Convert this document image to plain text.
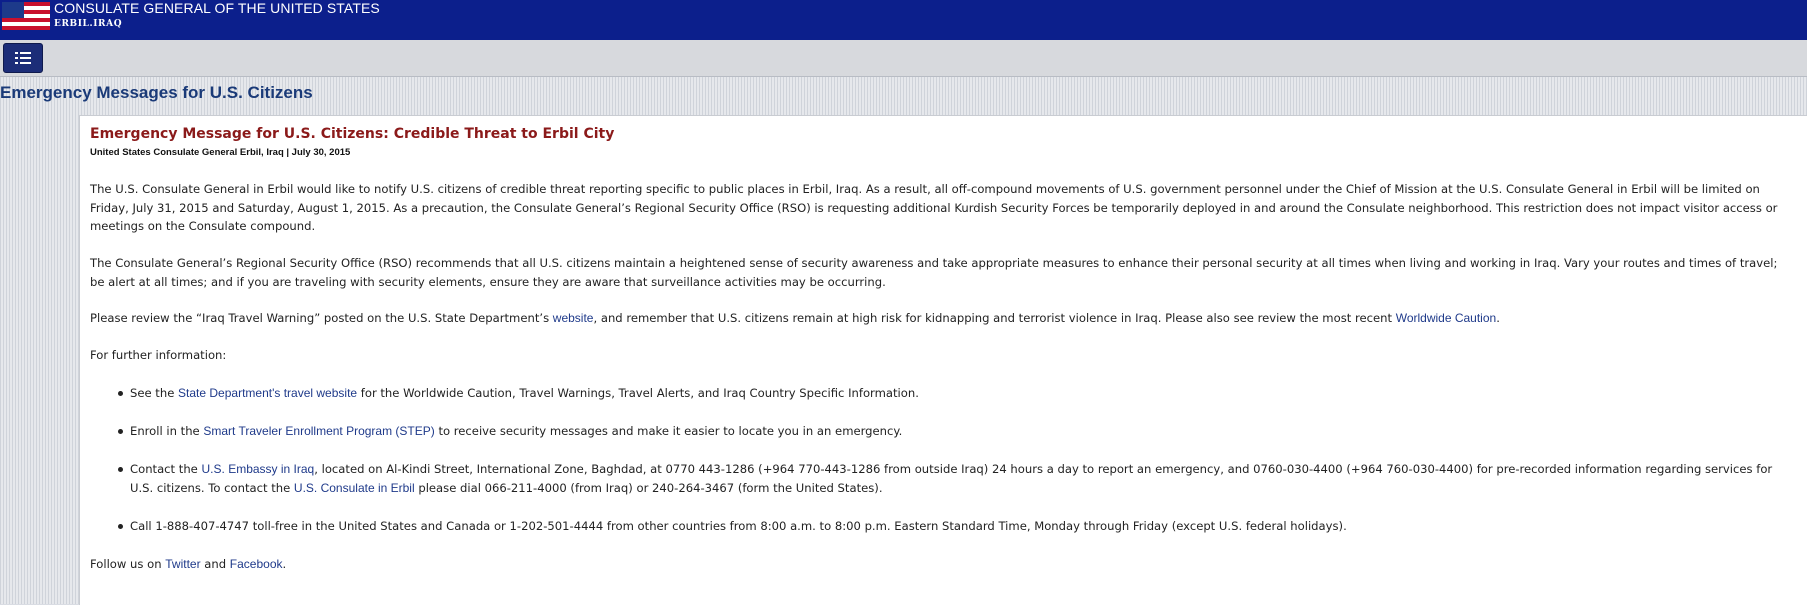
CONSULATE GENERAL OF THE UNITED STATES
ERBIL.IRAQ
Emergency Messages for U.S. Citizens
Emergency Message for U.S. Citizens: Credible Threat to Erbil City
United States Consulate General Erbil, Iraq | July 30, 2015

The U.S. Consulate General in Erbil would like to notify U.S. citizens of credible threat reporting specific to public places in Erbil, Iraq. As a result, all off-compound movements of U.S. government personnel under the Chief of Mission at the U.S. Consulate General in Erbil will be limited on Friday, July 31, 2015 and Saturday, August 1, 2015. As a precaution, the Consulate General’s Regional Security Office (RSO) is requesting additional Kurdish Security Forces be temporarily deployed in and around the Consulate neighborhood. This restriction does not impact visitor access or meetings on the Consulate compound.

The Consulate General’s Regional Security Office (RSO) recommends that all U.S. citizens maintain a heightened sense of security awareness and take appropriate measures to enhance their personal security at all times when living and working in Iraq. Vary your routes and times of travel; be alert at all times; and if you are traveling with security elements, ensure they are aware that surveillance activities may be occurring.

Please review the “Iraq Travel Warning” posted on the U.S. State Department’s website, and remember that U.S. citizens remain at high risk for kidnapping and terrorist violence in Iraq. Please also see review the most recent Worldwide Caution.

For further information:

See the State Department's travel website for the Worldwide Caution, Travel Warnings, Travel Alerts, and Iraq Country Specific Information.
Enroll in the Smart Traveler Enrollment Program (STEP) to receive security messages and make it easier to locate you in an emergency.
Contact the U.S. Embassy in Iraq, located on Al-Kindi Street, International Zone, Baghdad, at 0770 443-1286 (+964 770-443-1286 from outside Iraq) 24 hours a day to report an emergency, and 0760-030-4400 (+964 760-030-4400) for pre-recorded information regarding services for U.S. citizens. To contact the U.S. Consulate in Erbil please dial 066-211-4000 (from Iraq) or 240-264-3467 (form the United States).
Call 1-888-407-4747 toll-free in the United States and Canada or 1-202-501-4444 from other countries from 8:00 a.m. to 8:00 p.m. Eastern Standard Time, Monday through Friday (except U.S. federal holidays).

Follow us on Twitter and Facebook.
